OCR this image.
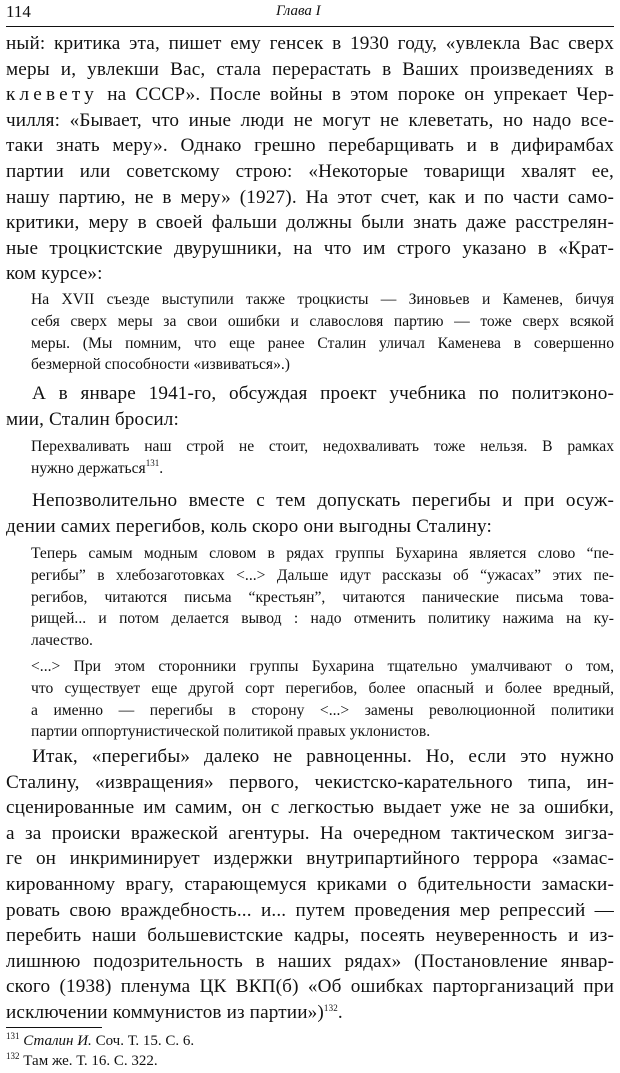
114	Глава I

ный: критика эта, пишет ему генсек в 1930 году, «увлекла Вас сверх
меры и, увлекши Вас, стала перерастать в Ваших произведениях в
клевету на СССР». После войны в этом пороке он упрекает Чер-
чилля: «Бывает, что иные люди не могут не клеветать, но надо все-
таки знать меру». Однако грешно перебарщивать и в дифирамбах
партии или советскому строю: «Некоторые товарищи хвалят ее,
нашу партию, не в меру» (1927). На этот счет, как и по части само-
критики, меру в своей фальши должны были знать даже расстрелян-
ные троцкистские двурушники, на что им строго указано в «Крат-
ком курсе»:

На XVII съезде выступили также троцкисты — Зиновьев и Каменев, бичуя
себя сверх меры за свои ошибки и славословя партию — тоже сверх всякой
меры. (Мы помним, что еще ранее Сталин уличал Каменева в совершенно
безмерной способности «извиваться».)

А в январе 1941-го, обсуждая проект учебника по политэконо-
мии, Сталин бросил:

Перехваливать наш строй не стоит, недохваливать тоже нельзя. В рамках
нужно держаться$^{131}$.

Непозволительно вместе с тем допускать перегибы и при осуж-
дении самих перегибов, коль скоро они выгодны Сталину:

Теперь самым модным словом в рядах группы Бухарина является слово “пе-
регибы” в хлебозаготовках <...> Дальше идут рассказы об “ужасах” этих пе-
регибов, читаются письма “крестьян”, читаются панические письма това-
рищей... и потом делается вывод : надо отменить политику нажима на ку-
лачество.

<...> При этом сторонники группы Бухарина тщательно умалчивают о том,
что существует еще другой сорт перегибов, более опасный и более вредный,
а именно — перегибы в сторону <...> замены революционной политики
партии оппортунистической политикой правых уклонистов.

Итак, «перегибы» далеко не равноценны. Но, если это нужно
Сталину, «извращения» первого, чекистско-карательного типа, ин-
сценированные им самим, он с легкостью выдает уже не за ошибки,
а за происки вражеской агентуры. На очередном тактическом зигза-
ге он инкриминирует издержки внутрипартийного террора «замас-
кированному врагу, старающемуся криками о бдительности замаски-
ровать свою враждебность... и... путем проведения мер репрессий —
перебить наши большевистские кадры, посеять неуверенность и из-
лишнюю подозрительность в наших рядах» (Постановление январ-
ского (1938) пленума ЦК ВКП(б) «Об ошибках парторганизаций при
исключении коммунистов из партии»)$^{132}$.

$^{131}$ Сталин И. Соч. Т. 15. С. 6.
$^{132}$ Там же. Т. 16. С. 322.
